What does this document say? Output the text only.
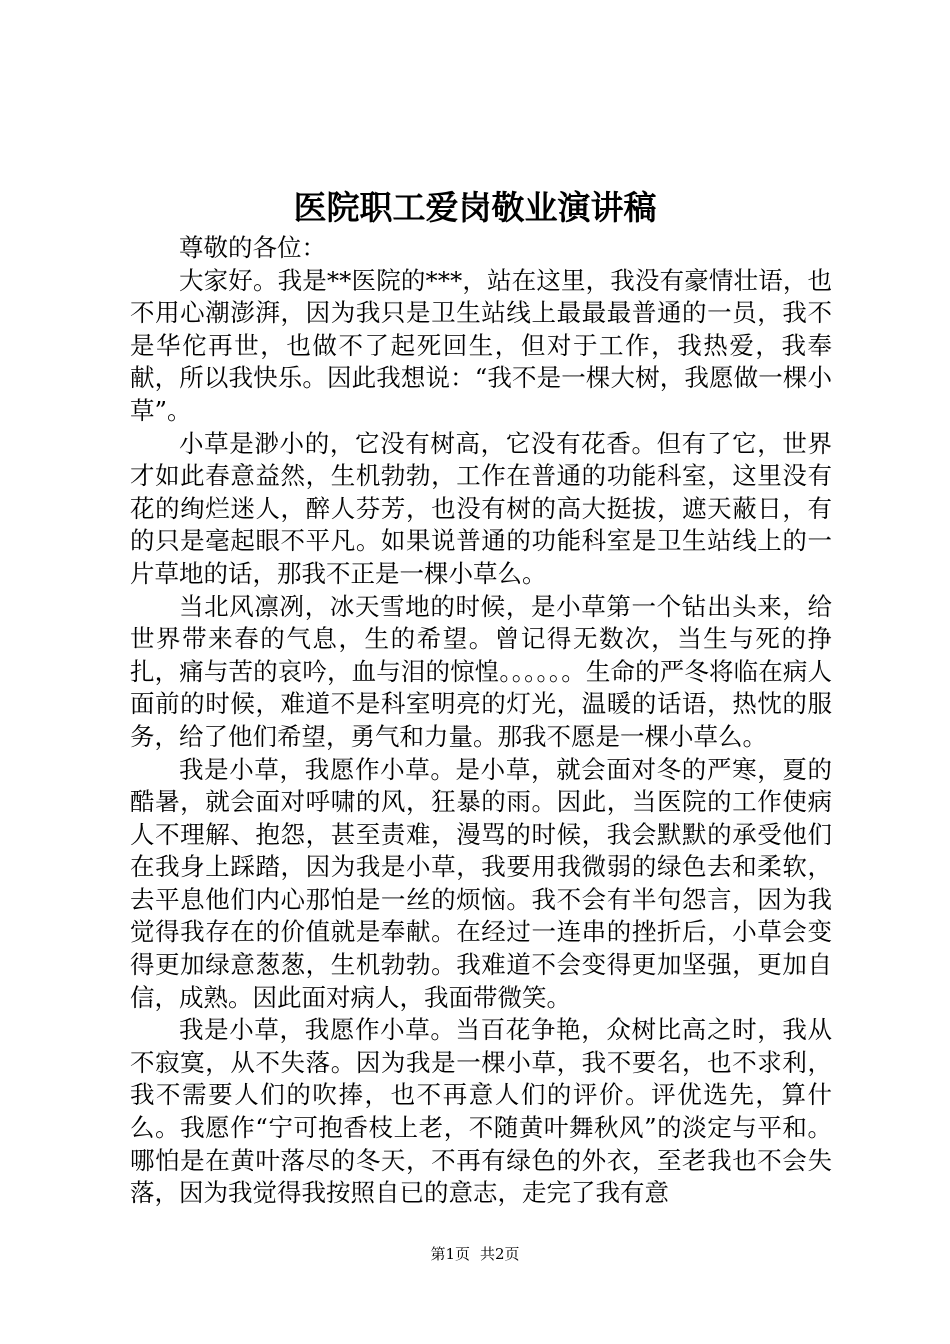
医院职工爱岗敬业演讲稿

尊敬的各位：

大家好。我是**医院的***，站在这里，我没有豪情壮语，也不用心潮澎湃，因为我只是卫生站线上最最最普通的一员，我不是华佗再世，也做不了起死回生，但对于工作，我热爱，我奉献，所以我快乐。因此我想说：“我不是一棵大树，我愿做一棵小草”。

小草是渺小的，它没有树高，它没有花香。但有了它，世界才如此春意益然，生机勃勃，工作在普通的功能科室，这里没有花的绚烂迷人，醉人芬芳，也没有树的高大挺拔，遮天蔽日，有的只是毫起眼不平凡。如果说普通的功能科室是卫生站线上的一片草地的话，那我不正是一棵小草么。

当北风凛冽，冰天雪地的时候，是小草第一个钻出头来，给世界带来春的气息，生的希望。曾记得无数次，当生与死的挣扎，痛与苦的哀吟，血与泪的惊惶。。。。。。生命的严冬将临在病人面前的时候，难道不是科室明亮的灯光，温暖的话语，热忱的服务，给了他们希望，勇气和力量。那我不愿是一棵小草么。

我是小草，我愿作小草。是小草，就会面对冬的严寒，夏的酷暑，就会面对呼啸的风，狂暴的雨。因此，当医院的工作使病人不理解、抱怨，甚至责难，漫骂的时候，我会默默的承受他们在我身上踩踏，因为我是小草，我要用我微弱的绿色去和柔软，去平息他们内心那怕是一丝的烦恼。我不会有半句怨言，因为我觉得我存在的价值就是奉献。在经过一连串的挫折后，小草会变得更加绿意葱葱，生机勃勃。我难道不会变得更加坚强，更加自信，成熟。因此面对病人，我面带微笑。

我是小草，我愿作小草。当百花争艳，众树比高之时，我从不寂寞，从不失落。因为我是一棵小草，我不要名，也不求利，我不需要人们的吹捧，也不再意人们的评价。评优选先，算什么。我愿作“宁可抱香枝上老，不随黄叶舞秋风”的淡定与平和。哪怕是在黄叶落尽的冬天，不再有绿色的外衣，至老我也不会失落，因为我觉得我按照自已的意志，走完了我有意

第1页 共2页
